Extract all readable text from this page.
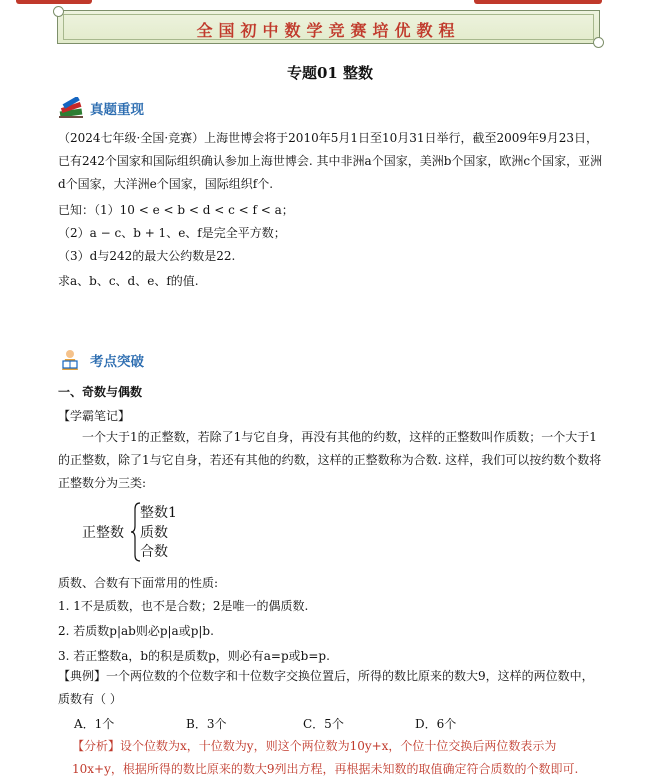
全国初中数学竞赛培优教程
专题01 整数
真题重现
（2024七年级·全国·竞赛）上海世博会将于2010年5月1日至10月31日举行，截至2009年9月23日，已有242个国家和国际组织确认参加上海世博会. 其中非洲a个国家，美洲b个国家，欧洲c个国家，亚洲d个国家，大洋洲e个国家，国际组织f个.
已知：（1）10 < e < b < d < c < f < a；
（2）a − c、b + 1、e、f是完全平方数；
（3）d与242的最大公约数是22.
求a、b、c、d、e、f的值.
考点突破
一、奇数与偶数
【学霸笔记】
一个大于1的正整数，若除了1与它自身，再没有其他的约数，这样的正整数叫作质数；一个大于1的正整数，除了1与它自身，若还有其他的约数，这样的正整数称为合数. 这样，我们可以按约数个数将正整数分为三类:
正整数
整数1
质数
合数
质数、合数有下面常用的性质:
1. 1不是质数，也不是合数；2是唯一的偶质数.
2. 若质数p|ab则必p|a或p|b.
3. 若正整数a，b的积是质数p，则必有a=p或b=p.
【典例】一个两位数的个位数字和十位数字交换位置后，所得的数比原来的数大9，这样的两位数中，质数有（ ）
A．1个	B．3个	C．5个	D．6个
【分析】设个位数为x，十位数为y，则这个两位数为10y+x，个位十位交换后两位数表示为10x+y，根据所得的数比原来的数大9列出方程，再根据未知数的取值确定符合质数的个数即可.
